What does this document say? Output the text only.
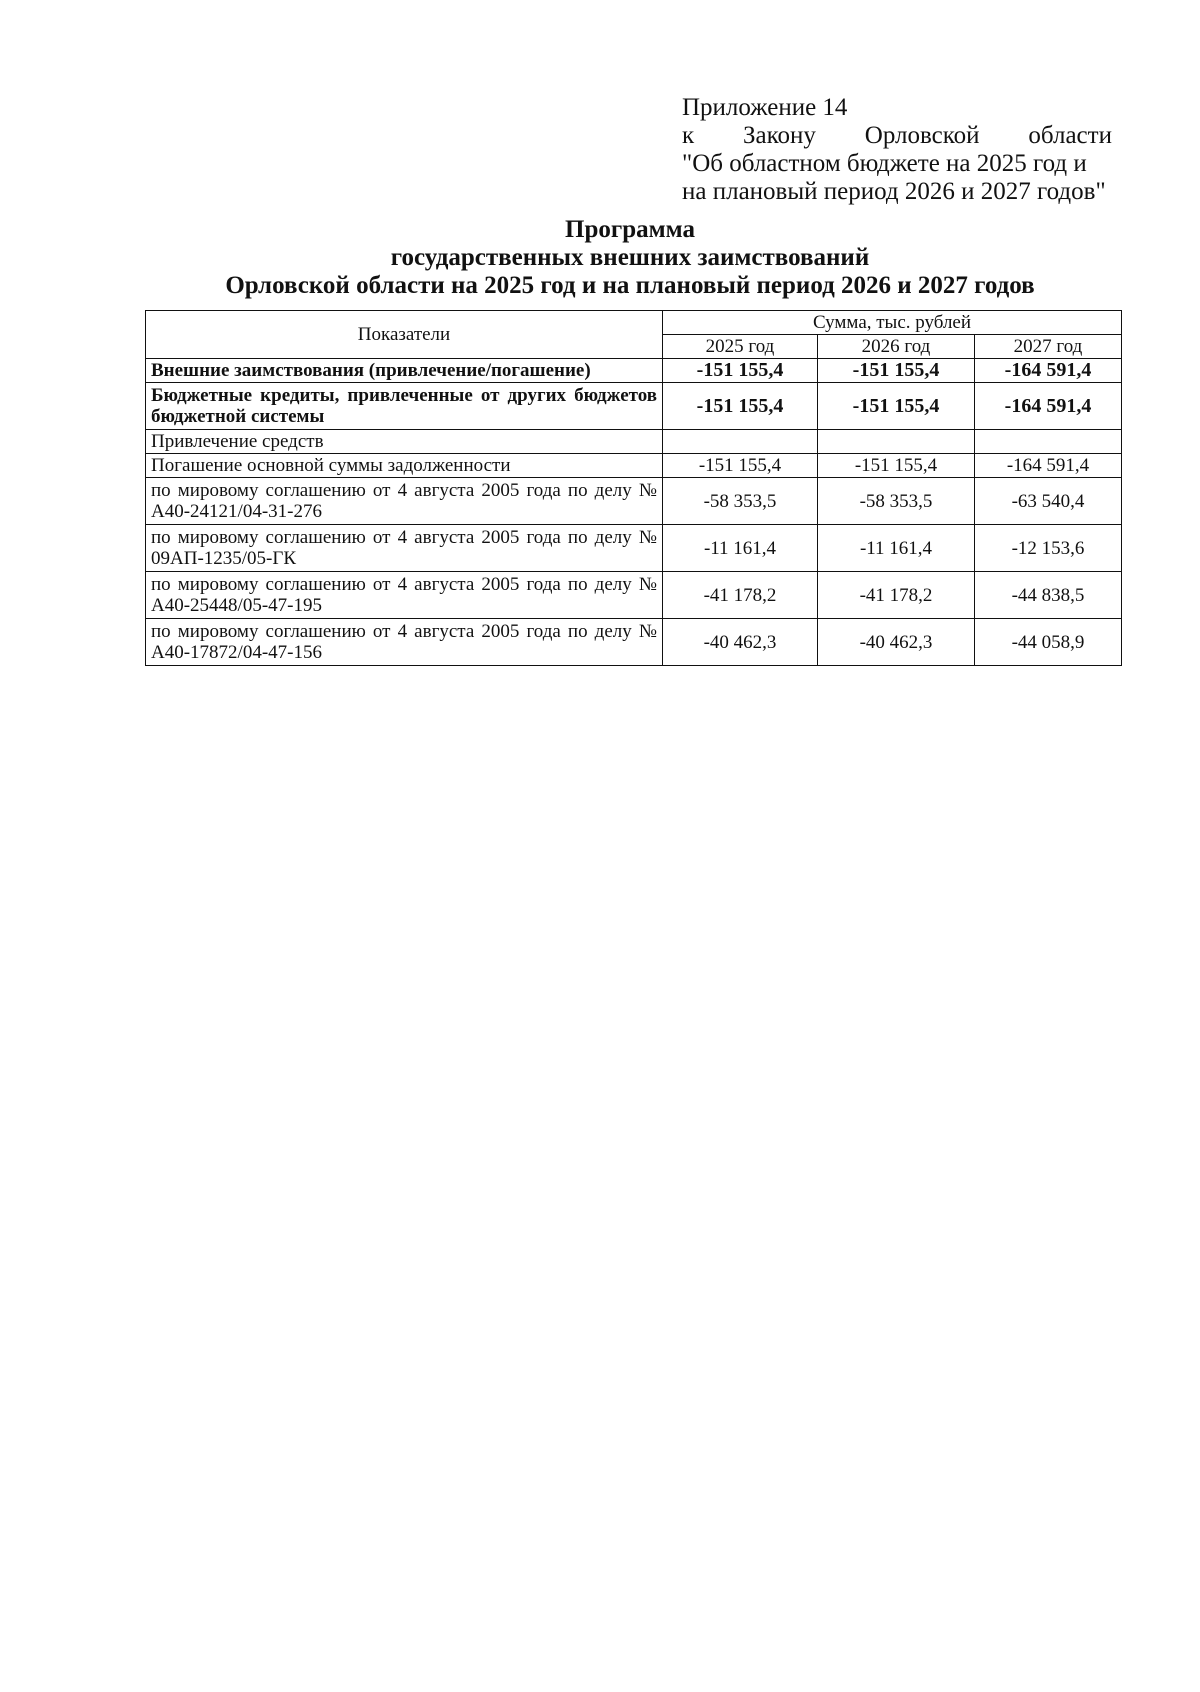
Приложение 14
к Закону Орловской области
"Об областном бюджете на 2025 год и
на плановый период 2026 и 2027 годов"
Программа
государственных внешних заимствований
Орловской области на 2025 год и на плановый период 2026 и 2027 годов
Показатели	Сумма, тыс. рублей		
	2025 год	2026 год	2027 год
Внешние заимствования (привлечение/погашение)	-151 155,4	-151 155,4	-164 591,4
Бюджетные кредиты, привлеченные от других бюджетов бюджетной системы	-151 155,4	-151 155,4	-164 591,4
Привлечение средств			
Погашение основной суммы задолженности	-151 155,4	-151 155,4	-164 591,4
по мировому соглашению от 4 августа 2005 года по делу № А40-24121/04-31-276	-58 353,5	-58 353,5	-63 540,4
по мировому соглашению от 4 августа 2005 года по делу № 09АП-1235/05-ГК	-11 161,4	-11 161,4	-12 153,6
по мировому соглашению от 4 августа 2005 года по делу № А40-25448/05-47-195	-41 178,2	-41 178,2	-44 838,5
по мировому соглашению от 4 августа 2005 года по делу № А40-17872/04-47-156	-40 462,3	-40 462,3	-44 058,9
